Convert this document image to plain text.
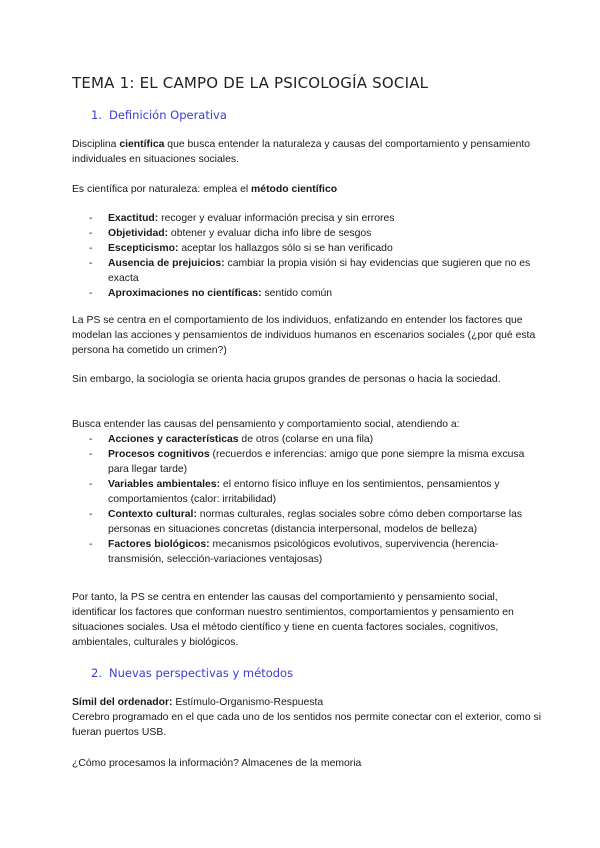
TEMA 1: EL CAMPO DE LA PSICOLOGÍA SOCIAL
1. Definición Operativa
Disciplina científica que busca entender la naturaleza y causas del comportamiento y pensamiento individuales en situaciones sociales.
Es científica por naturaleza: emplea el método científico
- Exactitud: recoger y evaluar información precisa y sin errores
- Objetividad: obtener y evaluar dicha info libre de sesgos
- Escepticismo: aceptar los hallazgos sólo si se han verificado
- Ausencia de prejuicios: cambiar la propia visión si hay evidencias que sugieren que no es exacta
- Aproximaciones no científicas: sentido común
La PS se centra en el comportamiento de los individuos, enfatizando en entender los factores que modelan las acciones y pensamientos de individuos humanos en escenarios sociales (¿por qué esta persona ha cometido un crimen?)
Sin embargo, la sociología se orienta hacia grupos grandes de personas o hacia la sociedad.
Busca entender las causas del pensamiento y comportamiento social, atendiendo a:
- Acciones y características de otros (colarse en una fila)
- Procesos cognitivos (recuerdos e inferencias: amigo que pone siempre la misma excusa para llegar tarde)
- Variables ambientales: el entorno físico influye en los sentimientos, pensamientos y comportamientos (calor: irritabilidad)
- Contexto cultural: normas culturales, reglas sociales sobre cómo deben comportarse las personas en situaciones concretas (distancia interpersonal, modelos de belleza)
- Factores biológicos: mecanismos psicológicos evolutivos, supervivencia (herencia-transmisión, selección-variaciones ventajosas)
Por tanto, la PS se centra en entender las causas del comportamiento y pensamiento social, identificar los factores que conforman nuestro sentimientos, comportamientos y pensamiento en situaciones sociales. Usa el método científico y tiene en cuenta factores sociales, cognitivos, ambientales, culturales y biológicos.
2. Nuevas perspectivas y métodos
Símil del ordenador: Estímulo-Organismo-Respuesta
Cerebro programado en el que cada uno de los sentidos nos permite conectar con el exterior, como si fueran puertos USB.
¿Cómo procesamos la información? Almacenes de la memoria
